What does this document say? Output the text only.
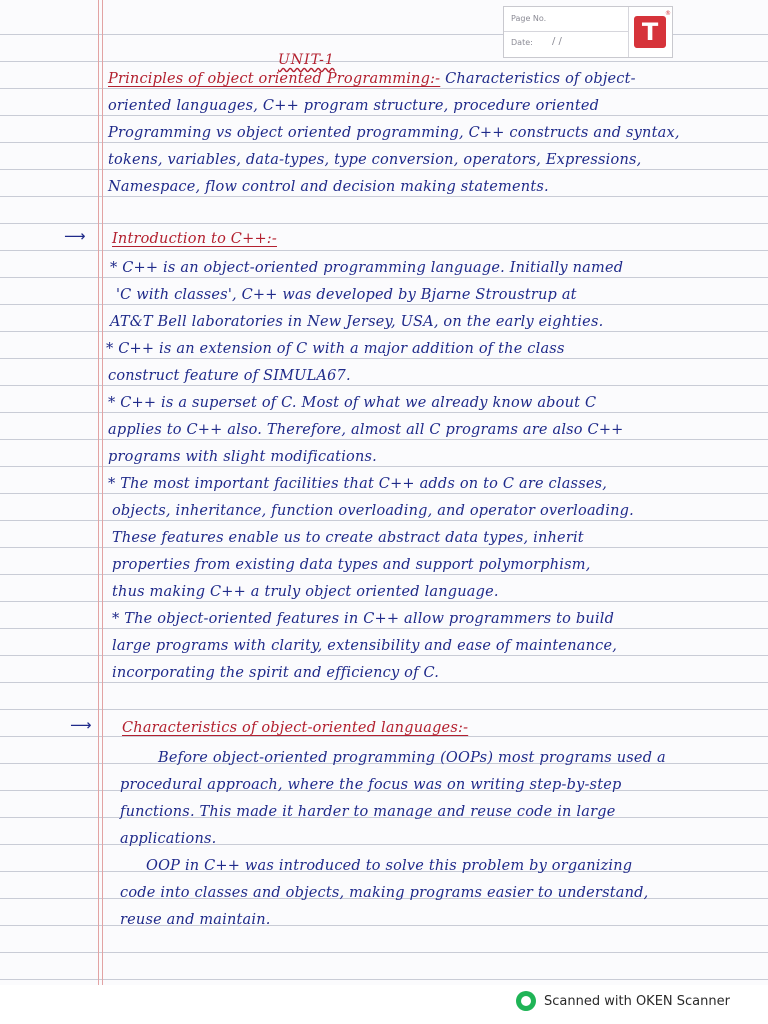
Page No.
Date: / /	T
®
UNIT-1

Principles of object oriented Programming:- Characteristics of object-

oriented languages, C++ program structure, procedure oriented

Programming vs object oriented programming, C++ constructs and syntax,

tokens, variables, data-types, type conversion, operators, Expressions,

Namespace, flow control and decision making statements.

⟶ Introduction to C++:-

* C++ is an object-oriented programming language. Initially named

'C with classes', C++ was developed by Bjarne Stroustrup at

AT&T Bell laboratories in New Jersey, USA, on the early eighties.

* C++ is an extension of C with a major addition of the class

construct feature of SIMULA67.

* C++ is a superset of C. Most of what we already know about C

applies to C++ also. Therefore, almost all C programs are also C++

programs with slight modifications.

* The most important facilities that C++ adds on to C are classes,

objects, inheritance, function overloading, and operator overloading.

These features enable us to create abstract data types, inherit

properties from existing data types and support polymorphism,

thus making C++ a truly object oriented language.

* The object-oriented features in C++ allow programmers to build

large programs with clarity, extensibility and ease of maintenance,

incorporating the spirit and efficiency of C.

⟶ Characteristics of object-oriented languages:-

Before object-oriented programming (OOPs) most programs used a

procedural approach, where the focus was on writing step-by-step

functions. This made it harder to manage and reuse code in large

applications.

OOP in C++ was introduced to solve this problem by organizing

code into classes and objects, making programs easier to understand,

reuse and maintain.

Scanned with OKEN Scanner
